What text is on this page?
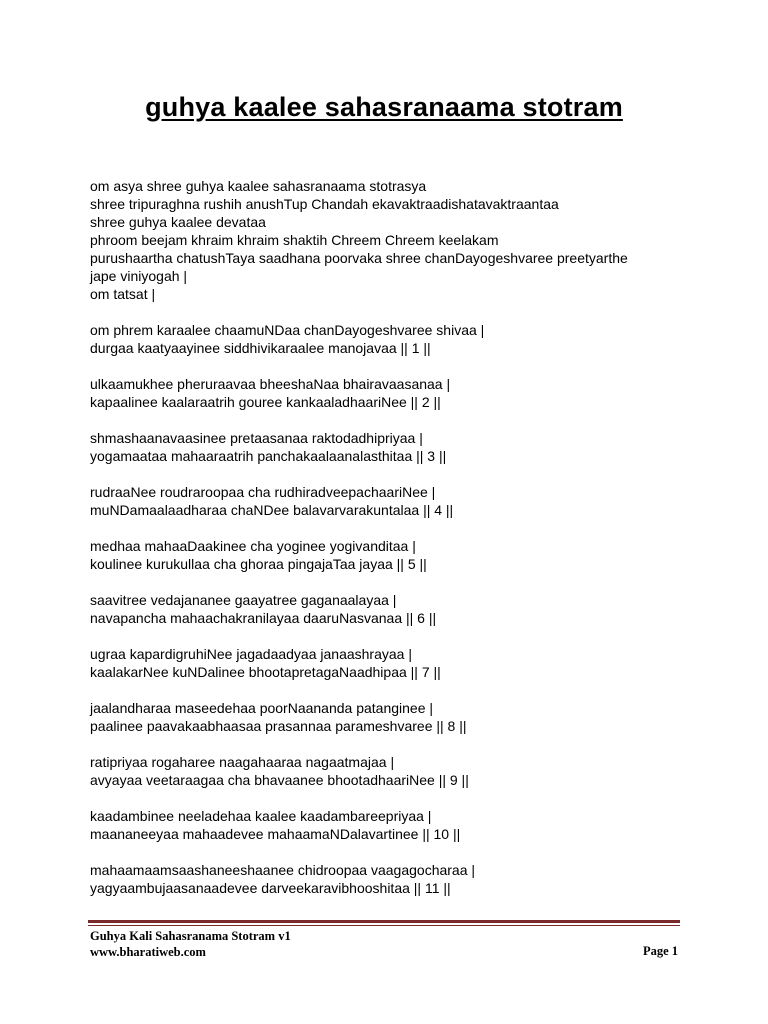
guhya kaalee sahasranaama stotram
om asya shree guhya kaalee sahasranaama stotrasya
shree tripuraghna rushih anushTup Chandah ekavaktraadishatavaktraantaa
shree guhya kaalee devataa
phroom beejam khraim khraim shaktih Chreem Chreem keelakam
purushaartha chatushTaya saadhana poorvaka shree chanDayogeshvaree preetyarthe
jape viniyogah |
om tatsat |
om phrem karaalee chaamuNDaa chanDayogeshvaree shivaa |
durgaa kaatyaayinee siddhivikaraalee manojavaa || 1 ||
ulkaamukhee pheruraavaa bheeshaNaa bhairavaasanaa |
kapaalinee kaalaraatrih gouree kankaaladhaariNee || 2 ||
shmashaanavaasinee pretaasanaa raktodadhipriyaa |
yogamaataa mahaaraatrih panchakaalaanalasthitaa || 3 ||
rudraaNee roudraroopaa cha rudhiradveepachaariNee |
muNDamaalaadharaa chaNDee balavarvarakuntalaa || 4 ||
medhaa mahaaDaakinee cha yoginee yogivanditaa |
koulinee kurukullaa cha ghoraa pingajaTaa jayaa || 5 ||
saavitree vedajananee gaayatree gaganaalayaa |
navapancha mahaachakranilayaa daaruNasvanaa || 6 ||
ugraa kapardigruhiNee jagadaadyaa janaashrayaa |
kaalakarNee kuNDalinee bhootapretagaNaadhipaa || 7 ||
jaalandharaa maseedehaa poorNaananda patanginee |
paalinee paavakaabhaasaa prasannaa parameshvaree || 8 ||
ratipriyaa rogaharee naagahaaraa nagaatmajaa |
avyayaa veetaraagaa cha bhavaanee bhootadhaariNee || 9 ||
kaadambinee neeladehaa kaalee kaadambareepriyaa |
maananeeyaa mahaadevee mahaamaNDalavartinee || 10 ||
mahaamaamsaashaneeshaanee chidroopaa vaagagocharaa |
yagyaambujaasanaadevee darveekaravibhooshitaa || 11 ||
Guhya Kali Sahasranama Stotram v1
www.bharatiweb.com	Page 1
